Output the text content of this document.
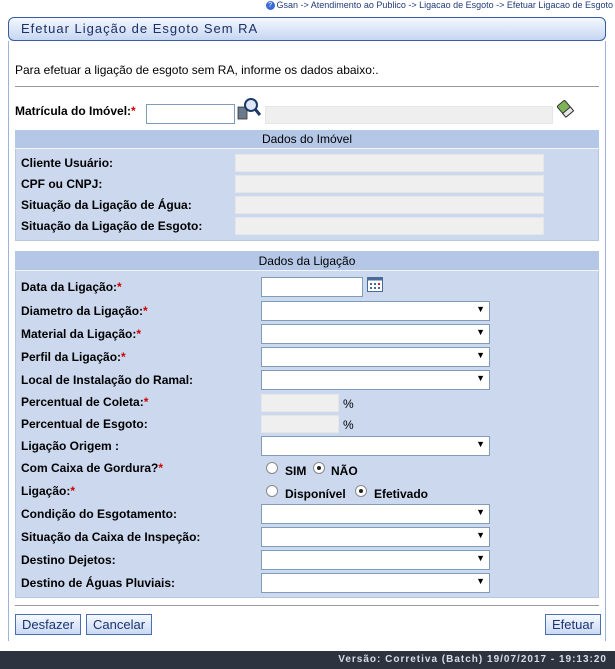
? Gsan -> Atendimento ao Publico -> Ligacao de Esgoto -> Efetuar Ligacao de Esgoto
Efetuar Ligação de Esgoto Sem RA
Para efetuar a ligação de esgoto sem RA, informe os dados abaixo:.
Matrícula do Imóvel:*
Dados do Imóvel
Cliente Usuário:
CPF ou CNPJ:
Situação da Ligação de Água:
Situação da Ligação de Esgoto:
Dados da Ligação
Data da Ligação:*
Diametro da Ligação:*	▼
Material da Ligação:*	▼
Perfil da Ligação:*	▼
Local de Instalação do Ramal:	▼
Percentual de Coleta:*	%
Percentual de Esgoto:	%
Ligação Origem :	▼
Com Caixa de Gordura?*	SIM NÃO
Ligação:*	Disponível Efetivado
Condição do Esgotamento:	▼
Situação da Caixa de Inspeção:	▼
Destino Dejetos:	▼
Destino de Águas Pluviais:	▼
Desfazer	Cancelar	Efetuar
Versão: Corretiva (Batch) 19/07/2017 - 19:13:20
